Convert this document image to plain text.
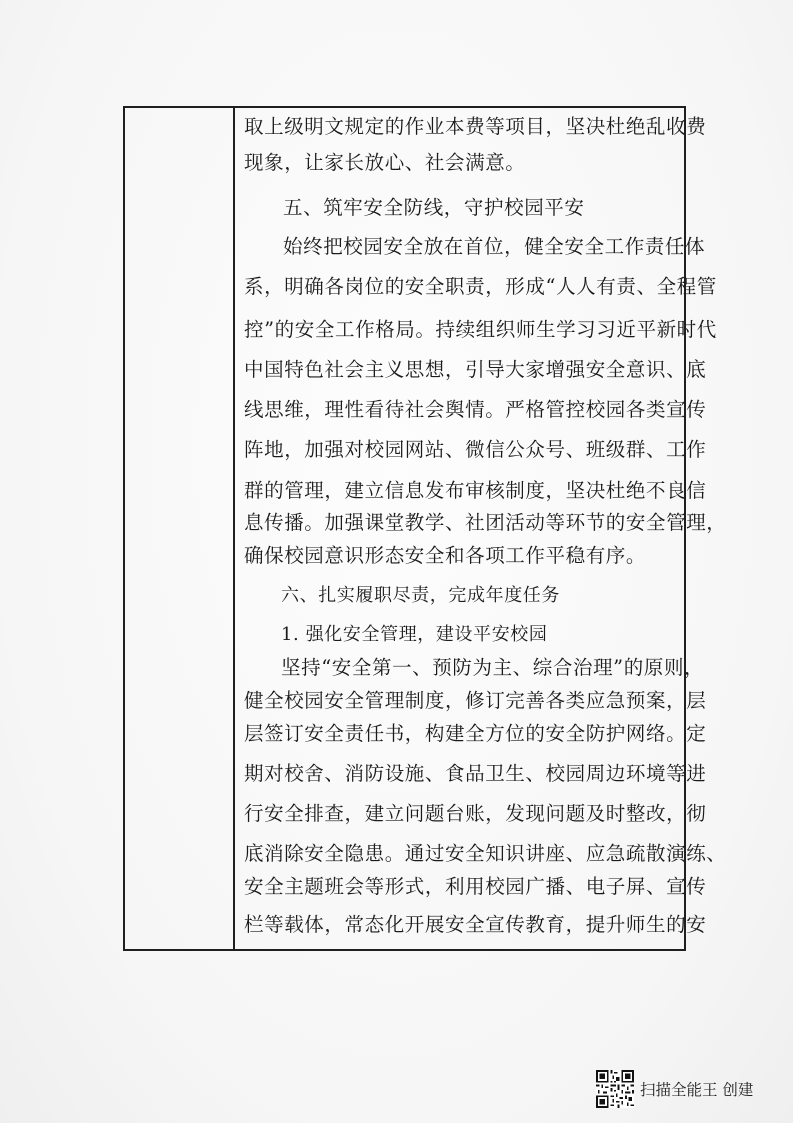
取上级明文规定的作业本费等项目，坚决杜绝乱收费
现象，让家长放心、社会满意。
五、筑牢安全防线，守护校园平安
始终把校园安全放在首位，健全安全工作责任体
系，明确各岗位的安全职责，形成“人人有责、全程管
控”的安全工作格局。持续组织师生学习习近平新时代
中国特色社会主义思想，引导大家增强安全意识、底
线思维，理性看待社会舆情。严格管控校园各类宣传
阵地，加强对校园网站、微信公众号、班级群、工作
群的管理，建立信息发布审核制度，坚决杜绝不良信
息传播。加强课堂教学、社团活动等环节的安全管理，
确保校园意识形态安全和各项工作平稳有序。
六、扎实履职尽责，完成年度任务
1. 强化安全管理，建设平安校园
坚持“安全第一、预防为主、综合治理”的原则，
健全校园安全管理制度，修订完善各类应急预案，层
层签订安全责任书，构建全方位的安全防护网络。定
期对校舍、消防设施、食品卫生、校园周边环境等进
行安全排查，建立问题台账，发现问题及时整改，彻
底消除安全隐患。通过安全知识讲座、应急疏散演练、
安全主题班会等形式，利用校园广播、电子屏、宣传
栏等载体，常态化开展安全宣传教育，提升师生的安
扫描全能王 创建
